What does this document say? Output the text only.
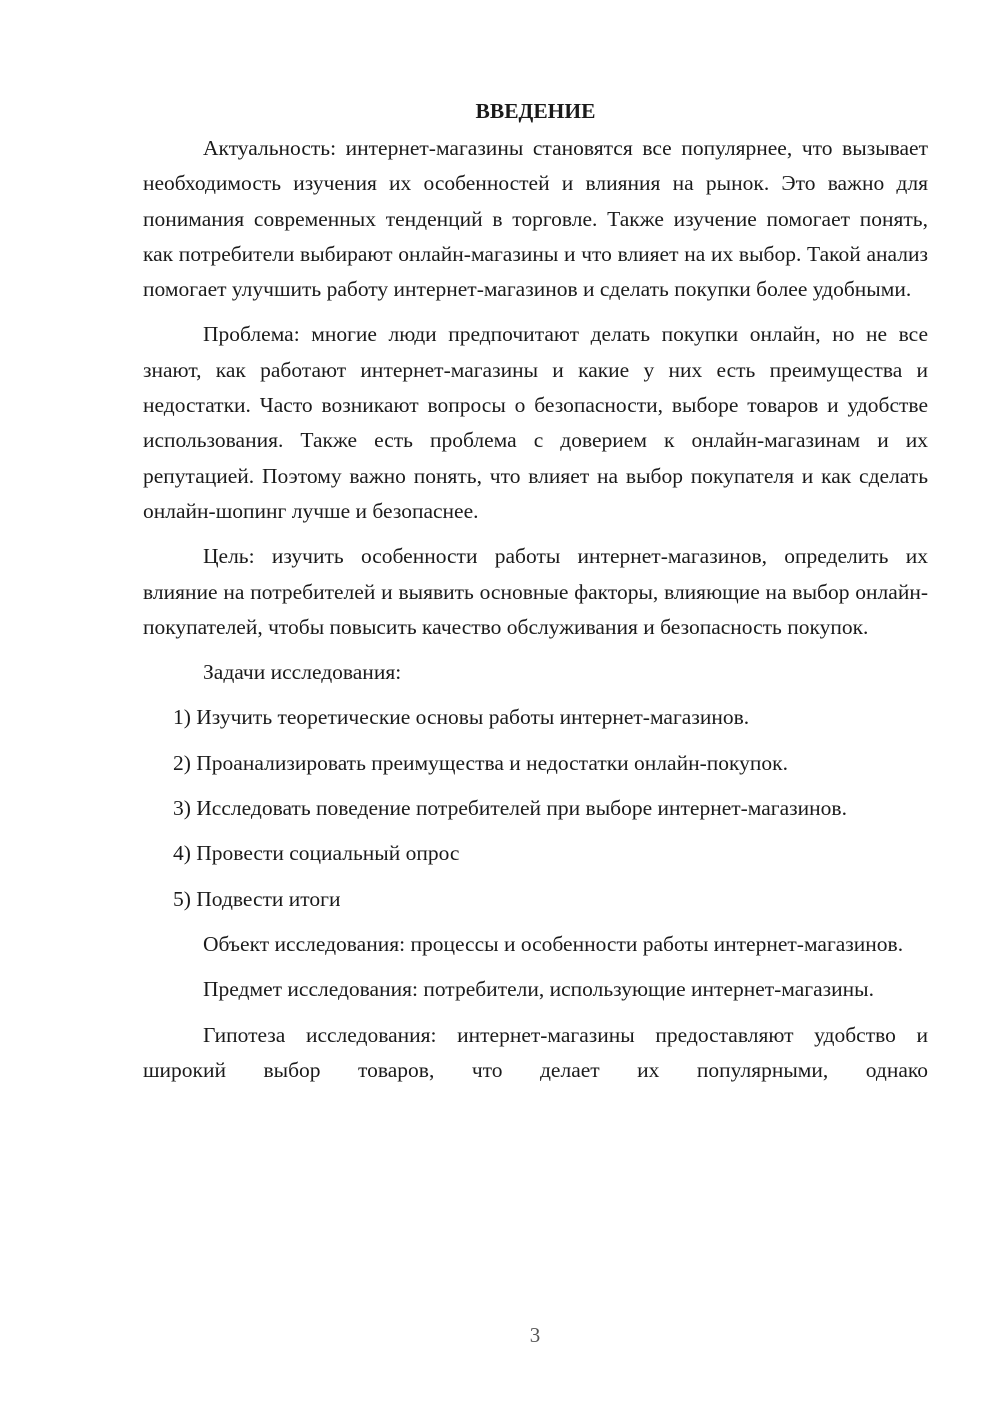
ВВЕДЕНИЕ

Актуальность: интернет-магазины становятся все популярнее, что вызывает необходимость изучения их особенностей и влияния на рынок. Это важно для понимания современных тенденций в торговле. Также изучение помогает понять, как потребители выбирают онлайн-магазины и что влияет на их выбор. Такой анализ помогает улучшить работу интернет-магазинов и сделать покупки более удобными.

Проблема: многие люди предпочитают делать покупки онлайн, но не все знают, как работают интернет-магазины и какие у них есть преимущества и недостатки. Часто возникают вопросы о безопасности, выборе товаров и удобстве использования. Также есть проблема с доверием к онлайн-магазинам и их репутацией. Поэтому важно понять, что влияет на выбор покупателя и как сделать онлайн-шопинг лучше и безопаснее.

Цель: изучить особенности работы интернет-магазинов, определить их влияние на потребителей и выявить основные факторы, влияющие на выбор онлайн-покупателей, чтобы повысить качество обслуживания и безопасность покупок.

Задачи исследования:

1) Изучить теоретические основы работы интернет-магазинов.

2) Проанализировать преимущества и недостатки онлайн-покупок.

3) Исследовать поведение потребителей при выборе интернет-магазинов.

4) Провести социальный опрос

5) Подвести итоги

Объект исследования: процессы и особенности работы интернет-магазинов.

Предмет исследования: потребители, использующие интернет-магазины.

Гипотеза исследования: интернет-магазины предоставляют удобство и широкий выбор товаров, что делает их популярными, однако

3
